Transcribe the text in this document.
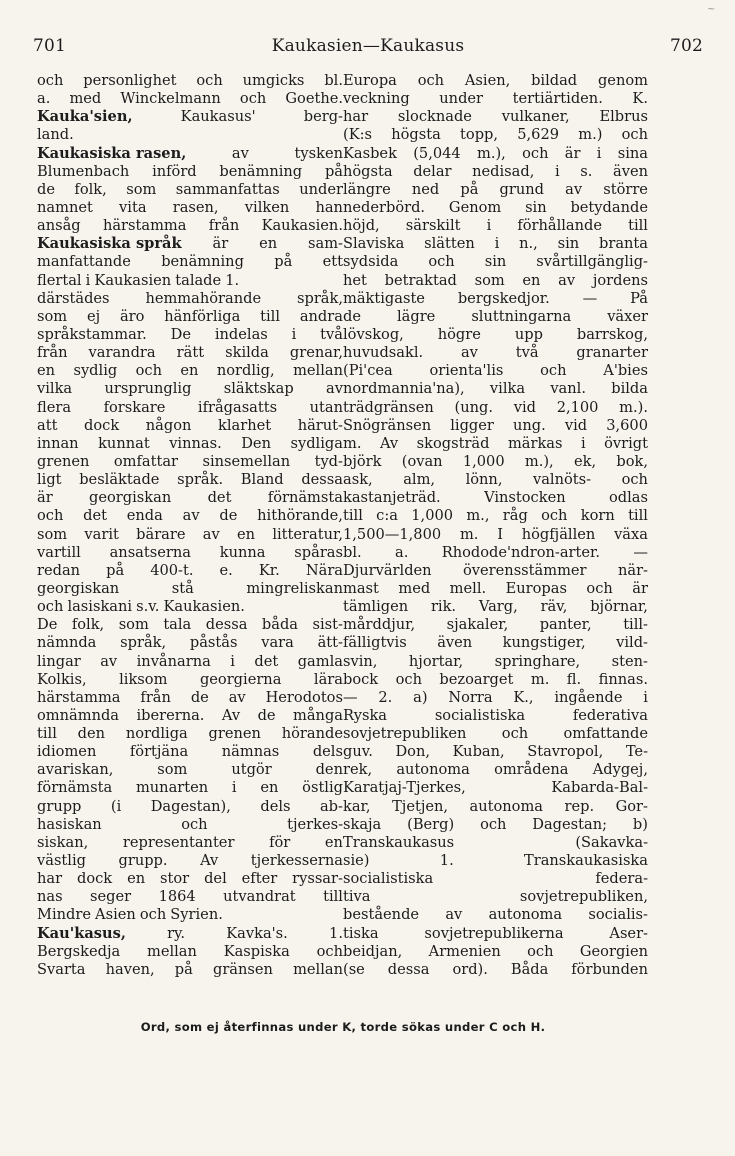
~
701	Kaukasien—Kaukasus	702
och personlighet och umgicks bl.
a. med Winckelmann och Goethe.
Kauka'sien,	Kaukasus'	berg-
land.
Kaukasiska rasen,	av	tysken
Blumenbach införd benämning på
de folk, som sammanfattas under
namnet vita rasen, vilken han
ansåg härstamma från Kaukasien.
Kaukasiska språk är en sam-
manfattande benämning på ett
flertal i Kaukasien talade 1.
därstädes hemmahörande språk,
som ej äro hänförliga till andra
språkstammar. De indelas i två
från varandra rätt skilda grenar,
en sydlig och en nordlig, mellan
vilka ursprunglig släktskap av
flera forskare ifrågasatts utan
att dock någon klarhet härut-
innan kunnat vinnas. Den sydliga
grenen omfattar sinsemellan tyd-
ligt besläktade språk. Bland dessa
är georgiskan det förnämsta
och det enda av de hithörande,
som varit bärare av en litteratur,
vartill ansatserna kunna spåras
redan på 400-t. e. Kr. Nära
georgiskan	stå	mingreliskan
och lasiskani s.v. Kaukasien.
De folk, som tala dessa båda sist-
nämnda språk, påstås vara ätt-
lingar av invånarna i det gamla
Kolkis, liksom georgierna lära
härstamma från de av Herodotos
omnämnda ibererna. Av de många
till den nordliga grenen hörande
idiomen förtjäna nämnas dels
avariskan,	som	utgör	den
förnämsta munarten i en östlig
grupp (i Dagestan), dels ab-
hasiskan	och	tjerkes-
siskan, representanter för en
västlig grupp. Av tjerkesserna
har dock en stor del efter ryssar-
nas seger 1864 utvandrat till
Mindre Asien och Syrien.
Kau'kasus,	ry.	Kavka's.	1.
Bergskedja mellan Kaspiska och
Svarta haven, på gränsen mellan
Europa och Asien, bildad genom
veckning under tertiärtiden. K.
har slocknade vulkaner, Elbrus
(K:s högsta topp, 5,629 m.) och
Kasbek (5,044 m.), och är i sina
högsta delar nedisad, i s. även
längre ned på grund av större
nederbörd. Genom sin betydande
höjd, särskilt i förhållande till
Slaviska slätten i n., sin branta
sydsida och sin svårtillgänglig-
het betraktad som en av jordens
mäktigaste bergskedjor. — På
de lägre sluttningarna växer
lövskog, högre upp barrskog,
huvudsakl.	av	två	granarter
(Pi'cea	orienta'lis	och	A'bies
nordmannia'na), vilka vanl. bilda
trädgränsen (ung. vid 2,100 m.).
Snögränsen ligger ung. vid 3,600
m. Av skogsträd märkas i övrigt
björk (ovan 1,000 m.), ek, bok,
ask, alm, lönn, valnöts- och
kastanjeträd.	Vinstocken	odlas
till c:a 1,000 m., råg och korn till
1,500—1,800 m. I högfjällen växa
bl. a. Rhodode'ndron-arter. —
Djurvärlden överensstämmer när-
mast med mell. Europas och är
tämligen rik. Varg, räv, björnar,
mårddjur, sjakaler, panter, till-
fälligtvis även kungstiger, vild-
svin, hjortar, springhare, sten-
bock och bezoarget m. fl. finnas.
— 2. a) Norra K., ingående i
Ryska	socialistiska	federativa
sovjetrepubliken och omfattande
guv. Don, Kuban, Stavropol, Te-
rek, autonoma områdena Adygej,
Karatjaj-Tjerkes,	Kabarda-Bal-
kar, Tjetjen, autonoma rep. Gor-
skaja (Berg) och Dagestan; b)
Transkaukasus	(Sakavka-
sie)	1.	Transkaukasiska
socialistiska	federa-
tiva	sovjetrepubliken,
bestående av autonoma socialis-
tiska	sovjetrepublikerna	Aser-
beidjan, Armenien och Georgien
(se dessa ord). Båda förbunden
Ord, som ej återfinnas under K, torde sökas under C och H.
